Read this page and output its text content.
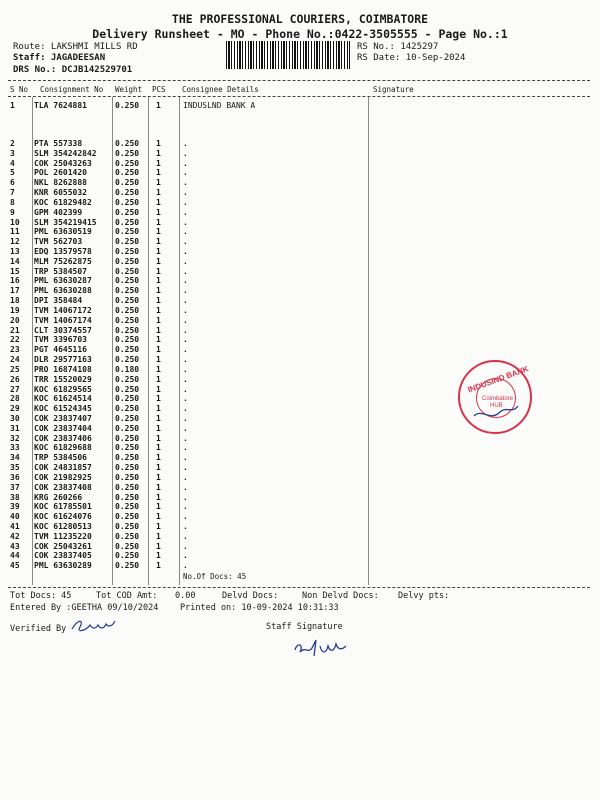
THE PROFESSIONAL COURIERS, COIMBATORE
Delivery Runsheet - MO - Phone No.:0422-3505555 - Page No.:1
Route: LAKSHMI MILLS RD
Staff: JAGADEESAN
DRS No.: DCJB142529701
RS No.: 1425297
RS Date: 10-Sep-2024
S No Consignment No Weight PCS Consignee Details	Signature
1 TLA 7624881	0.250 1	INDUSLND BANK A
2 PTA 557338	0.250 1	.
3 SLM 354242842 0.250 1	.
4 COK 25043263	0.250 1	.
5 POL 2601420	0.250 1	.
6 NKL 8262888	0.250 1	.
7 KNR 6055032	0.250 1	.
8 KOC 61829482	0.250 1	.
9 GPM 402399	0.250 1	.
10 SLM 354219415 0.250 1	.
11 PML 63630519	0.250 1	.
12 TVM 562703	0.250 1	.
13 EDQ 13579578	0.250 1	.
14 MLM 75262875	0.250 1	.
15 TRP 5384507	0.250 1	.
16 PML 63630287	0.250 1	.
17 PML 63630288	0.250 1	.
18 DPI 358484	0.250 1	.
19 TVM 14067172	0.250 1	.
20 TVM 14067174	0.250 1	.
21 CLT 30374557	0.250 1	.
22 TVM 3396703	0.250 1	.
23 PGT 4645116	0.250 1	.
24 DLR 29577163	0.250 1	.
25 PRO 16874108	0.180 1	.
26 TRR 15520029	0.250 1	.
27 KOC 61829565	0.250 1	.
28 KOC 61624514	0.250 1	.
29 KOC 61524345	0.250 1	.
30 COK 23837407	0.250 1	.
31 COK 23837404	0.250 1	.
32 COK 23837406	0.250 1	.
33 KOC 61829688	0.250 1	.
34 TRP 5384506	0.250 1	.
35 COK 24831857	0.250 1	.
36 COK 21982925	0.250 1	.
37 COK 23837408	0.250 1	.
38 KRG 260266	0.250 1	.
39 KOC 61785501	0.250 1	.
40 KOC 61624076	0.250 1	.
41 KOC 61280513	0.250 1	.
42 TVM 11235220	0.250 1	.
43 COK 25043261	0.250 1	.
44 COK 23837405	0.250 1	.
45 PML 63630289	0.250 1	.
No.Of Docs: 45
Tot Docs: 45	Tot COD Amt: 0.00	Delvd Docs:	Non Delvd Docs: Delvy pts:
Entered By :GEETHA 09/10/2024	Printed on: 10-09-2024 10:31:33
Verified By	Staff Signature
INDUSIND BANK
Coimbatore
HUB
